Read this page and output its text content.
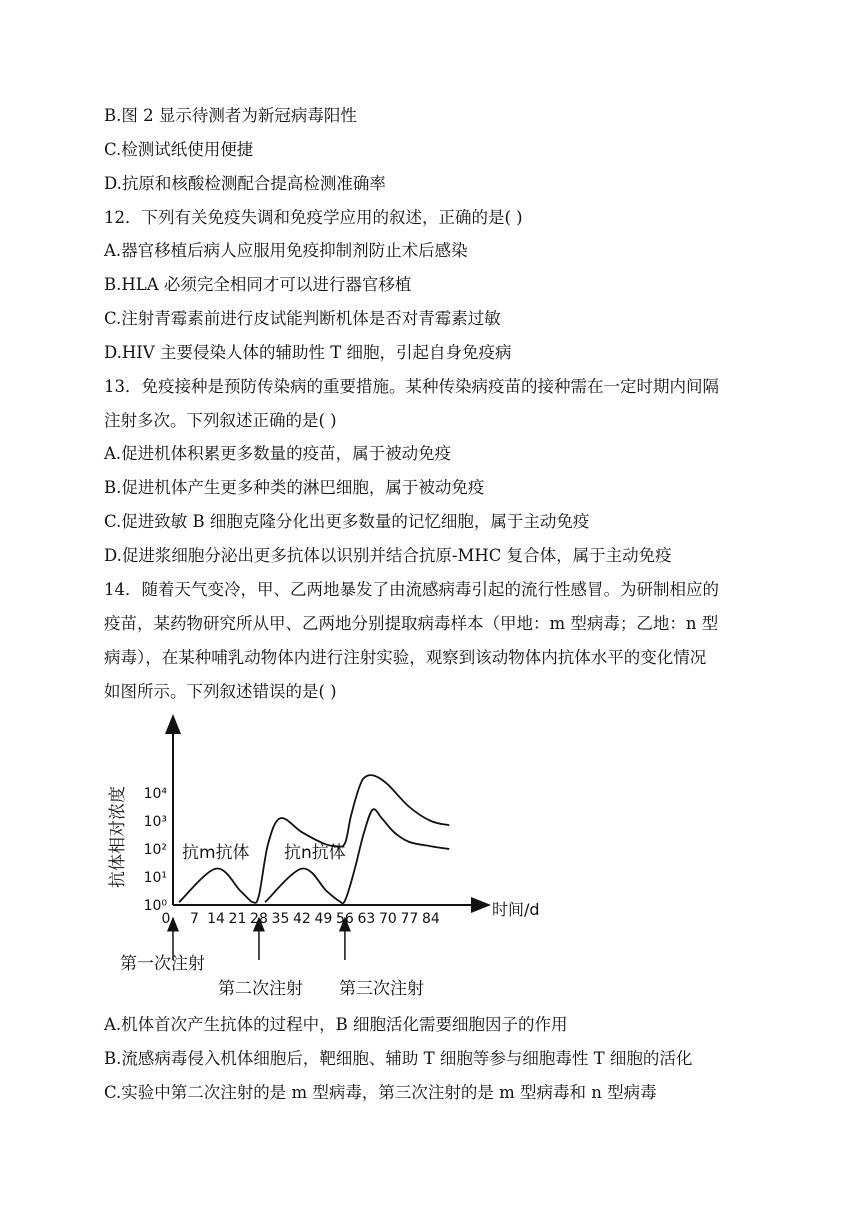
B.图 2 显示待测者为新冠病毒阳性
C.检测试纸使用便捷
D.抗原和核酸检测配合提高检测准确率
12．下列有关免疫失调和免疫学应用的叙述，正确的是( )
A.器官移植后病人应服用免疫抑制剂防止术后感染
B.HLA 必须完全相同才可以进行器官移植
C.注射青霉素前进行皮试能判断机体是否对青霉素过敏
D.HIV 主要侵染人体的辅助性 T 细胞，引起自身免疫病
13．免疫接种是预防传染病的重要措施。某种传染病疫苗的接种需在一定时期内间隔
注射多次。下列叙述正确的是( )
A.促进机体积累更多数量的疫苗，属于被动免疫
B.促进机体产生更多种类的淋巴细胞，属于被动免疫
C.促进致敏 B 细胞克隆分化出更多数量的记忆细胞，属于主动免疫
D.促进浆细胞分泌出更多抗体以识别并结合抗原-MHC 复合体，属于主动免疫
14．随着天气变冷，甲、乙两地暴发了由流感病毒引起的流行性感冒。为研制相应的
疫苗，某药物研究所从甲、乙两地分别提取病毒样本（甲地：m 型病毒；乙地：n 型
病毒），在某种哺乳动物体内进行注射实验，观察到该动物体内抗体水平的变化情况
如图所示。下列叙述错误的是( )
抗体相对浓度
10⁰
10¹
10²
10³
10⁴
0 7 14 21 28 35 42 49 56 63 70 77 84	时间/d
抗m抗体 抗n抗体
第一次注射
第二次注射 第三次注射
A.机体首次产生抗体的过程中，B 细胞活化需要细胞因子的作用
B.流感病毒侵入机体细胞后，靶细胞、辅助 T 细胞等参与细胞毒性 T 细胞的活化
C.实验中第二次注射的是 m 型病毒，第三次注射的是 m 型病毒和 n 型病毒
